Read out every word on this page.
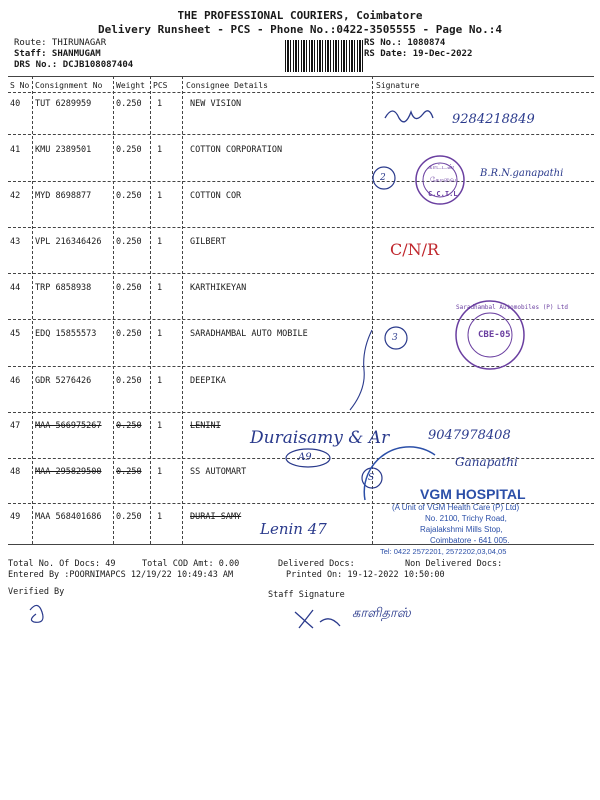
THE PROFESSIONAL COURIERS, Coimbatore
Delivery Runsheet - PCS - Phone No.:0422-3505555 - Page No.:4
Route: THIRUNAGAR
Staff: SHANMUGAM
DRS No.: DCJB108087404
RS No.: 1080874
RS Date: 19-Dec-2022
S No Consignment No Weight PCS Consignee Details	Signature
40 TUT 6289959	0.250 1	NEW VISION
41 KMU 2389501	0.250 1	COTTON CORPORATION
42 MYD 8698877	0.250 1	COTTON COR
43 VPL 216346426 0.250 1	GILBERT
44 TRP 6858938	0.250 1	KARTHIKEYAN
45 EDQ 15855573 0.250 1	SARADHAMBAL AUTO MOBILE
46 GDR 5276426	0.250 1	DEEPIKA
47 MAA 566975267 0.250 1	LENINI
48 MAA 295829500 0.250 1	SS AUTOMART
49 MAA 568401686 0.250 1	DURAI SAMY
Total No. Of Docs: 49	Total COD Amt: 0.00	Delivered Docs:	Non Delivered Docs:
Entered By :POORNIMAPCS 12/19/22 10:49:43 AM	Printed On: 19-12-2022 10:50:00
Verified By	Staff Signature
9284218849
2	B.R.N.ganapathi
C/N/R
3
Duraisamy & Ar
A9
9047978408
S
Ganapathi
Lenin 47
காளிதாஸ்
காட்டன்
கோவை
C.C.I.L
Saradhambal Automobiles (P) Ltd
CBE-05
VGM HOSPITAL
(A Unit of VGM Health Care (P) Ltd)
No. 2100, Trichy Road,
Rajalakshmi Mills Stop,
Coimbatore - 641 005.
Tel: 0422 2572201, 2572202,03,04,05
